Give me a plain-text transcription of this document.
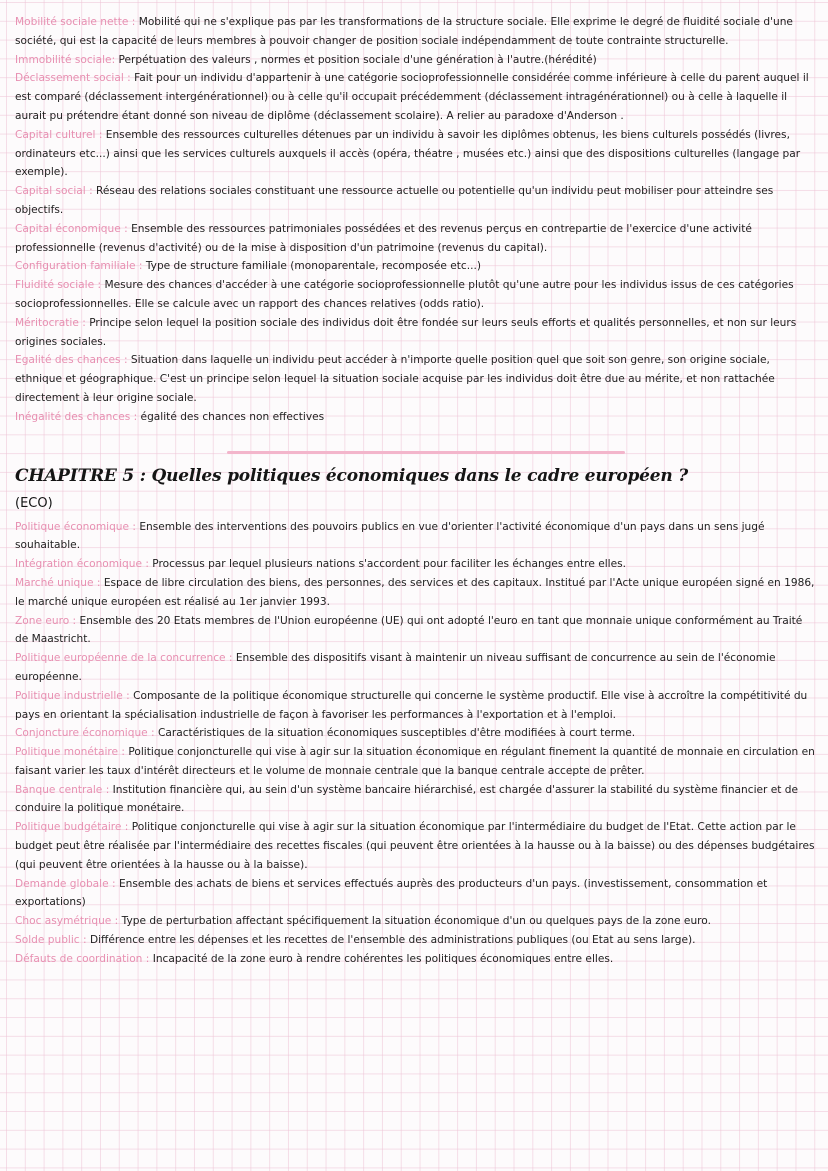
Mobilité sociale nette : Mobilité qui ne s'explique pas par les transformations de la structure sociale. Elle exprime le degré de fluidité sociale d'une société, qui est la capacité de leurs membres à pouvoir changer de position sociale indépendamment de toute contrainte structurelle.

Immobilité sociale: Perpétuation des valeurs , normes et position sociale d'une génération à l'autre.(hérédité)

Déclassement social : Fait pour un individu d'appartenir à une catégorie socioprofessionnelle considérée comme inférieure à celle du parent auquel il est comparé (déclassement intergénérationnel) ou à celle qu'il occupait précédemment (déclassement intragénérationnel) ou à celle à laquelle il aurait pu prétendre étant donné son niveau de diplôme (déclassement scolaire). A relier au paradoxe d'Anderson .

Capital culturel : Ensemble des ressources culturelles détenues par un individu à savoir les diplômes obtenus, les biens culturels possédés (livres, ordinateurs etc...) ainsi que les services culturels auxquels il accès (opéra, théatre , musées etc.) ainsi que des dispositions culturelles (langage par exemple).

Capital social : Réseau des relations sociales constituant une ressource actuelle ou potentielle qu'un individu peut mobiliser pour atteindre ses objectifs.

Capital économique : Ensemble des ressources patrimoniales possédées et des revenus perçus en contrepartie de l'exercice d'une activité professionnelle (revenus d'activité) ou de la mise à disposition d'un patrimoine (revenus du capital).

Configuration familiale : Type de structure familiale (monoparentale, recomposée etc...)

Fluidité sociale : Mesure des chances d'accéder à une catégorie socioprofessionnelle plutôt qu'une autre pour les individus issus de ces catégories socioprofessionnelles. Elle se calcule avec un rapport des chances relatives (odds ratio).

Méritocratie : Principe selon lequel la position sociale des individus doit être fondée sur leurs seuls efforts et qualités personnelles, et non sur leurs origines sociales.

Egalité des chances : Situation dans laquelle un individu peut accéder à n'importe quelle position quel que soit son genre, son origine sociale, ethnique et géographique. C'est un principe selon lequel la situation sociale acquise par les individus doit être due au mérite, et non rattachée directement à leur origine sociale.

Inégalité des chances : égalité des chances non effectives

CHAPITRE 5 : Quelles politiques économiques dans le cadre européen ?
(ECO)

Politique économique : Ensemble des interventions des pouvoirs publics en vue d'orienter l'activité économique d'un pays dans un sens jugé souhaitable.

Intégration économique : Processus par lequel plusieurs nations s'accordent pour faciliter les échanges entre elles.

Marché unique : Espace de libre circulation des biens, des personnes, des services et des capitaux. Institué par l'Acte unique européen signé en 1986, le marché unique européen est réalisé au 1er janvier 1993.

Zone euro : Ensemble des 20 Etats membres de l'Union européenne (UE) qui ont adopté l'euro en tant que monnaie unique conformément au Traité de Maastricht.

Politique européenne de la concurrence : Ensemble des dispositifs visant à maintenir un niveau suffisant de concurrence au sein de l'économie européenne.

Politique industrielle : Composante de la politique économique structurelle qui concerne le système productif. Elle vise à accroître la compétitivité du pays en orientant la spécialisation industrielle de façon à favoriser les performances à l'exportation et à l'emploi.

Conjoncture économique : Caractéristiques de la situation économiques susceptibles d'être modifiées à court terme.

Politique monétaire : Politique conjoncturelle qui vise à agir sur la situation économique en régulant finement la quantité de monnaie en circulation en faisant varier les taux d'intérêt directeurs et le volume de monnaie centrale que la banque centrale accepte de prêter.

Banque centrale : Institution financière qui, au sein d'un système bancaire hiérarchisé, est chargée d'assurer la stabilité du système financier et de conduire la politique monétaire.

Politique budgétaire : Politique conjoncturelle qui vise à agir sur la situation économique par l'intermédiaire du budget de l'Etat. Cette action par le budget peut être réalisée par l'intermédiaire des recettes fiscales (qui peuvent être orientées à la hausse ou à la baisse) ou des dépenses budgétaires (qui peuvent être orientées à la hausse ou à la baisse).

Demande globale : Ensemble des achats de biens et services effectués auprès des producteurs d'un pays. (investissement, consommation et exportations)

Choc asymétrique : Type de perturbation affectant spécifiquement la situation économique d'un ou quelques pays de la zone euro.

Solde public : Différence entre les dépenses et les recettes de l'ensemble des administrations publiques (ou Etat au sens large).

Défauts de coordination : Incapacité de la zone euro à rendre cohérentes les politiques économiques entre elles.
